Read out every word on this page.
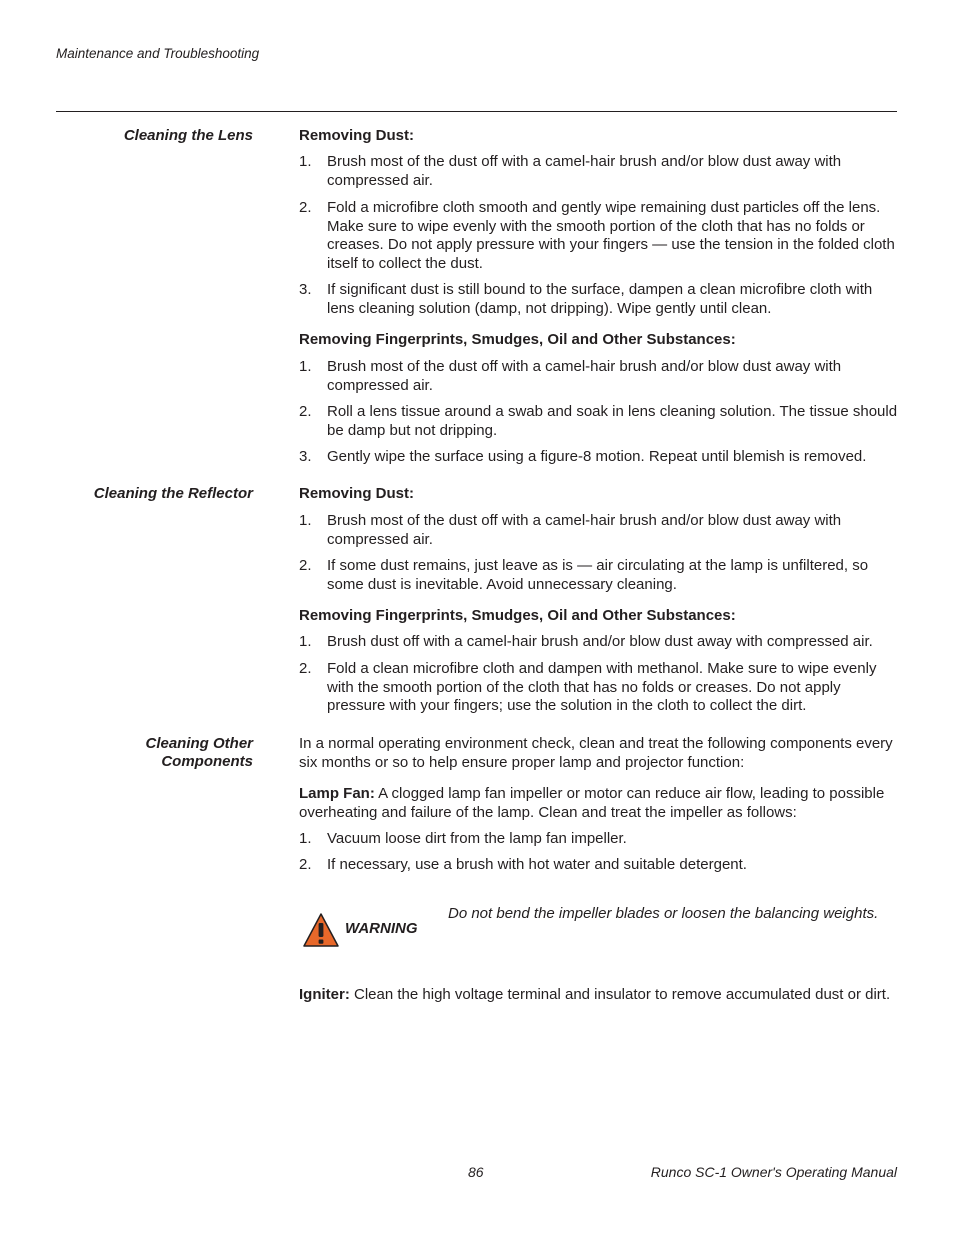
Maintenance and Troubleshooting
Cleaning the Lens	Removing Dust:
1. Brush most of the dust off with a camel-hair brush and/or blow dust away with compressed air.
2. Fold a microfibre cloth smooth and gently wipe remaining dust particles off the lens. Make sure to wipe evenly with the smooth portion of the cloth that has no folds or creases. Do not apply pressure with your fingers — use the tension in the folded cloth itself to collect the dust.
3. If significant dust is still bound to the surface, dampen a clean microfibre cloth with lens cleaning solution (damp, not dripping). Wipe gently until clean.
Removing Fingerprints, Smudges, Oil and Other Substances:
1. Brush most of the dust off with a camel-hair brush and/or blow dust away with compressed air.
2. Roll a lens tissue around a swab and soak in lens cleaning solution. The tissue should be damp but not dripping.
3. Gently wipe the surface using a figure-8 motion. Repeat until blemish is removed.
Cleaning the Reflector	Removing Dust:
1. Brush most of the dust off with a camel-hair brush and/or blow dust away with compressed air.
2. If some dust remains, just leave as is — air circulating at the lamp is unfiltered, so some dust is inevitable. Avoid unnecessary cleaning.
Removing Fingerprints, Smudges, Oil and Other Substances:
1. Brush dust off with a camel-hair brush and/or blow dust away with compressed air.
2. Fold a clean microfibre cloth and dampen with methanol. Make sure to wipe evenly with the smooth portion of the cloth that has no folds or creases. Do not apply pressure with your fingers; use the solution in the cloth to collect the dirt.
Cleaning Other
Components
In a normal operating environment check, clean and treat the following components every six months or so to help ensure proper lamp and projector function:
Lamp Fan: A clogged lamp fan impeller or motor can reduce air flow, leading to possible overheating and failure of the lamp. Clean and treat the impeller as follows:
1. Vacuum loose dirt from the lamp fan impeller.
2. If necessary, use a brush with hot water and suitable detergent.
WARNING
Do not bend the impeller blades or loosen the balancing weights.
Igniter: Clean the high voltage terminal and insulator to remove accumulated dust or dirt.
86	Runco SC-1 Owner's Operating Manual
